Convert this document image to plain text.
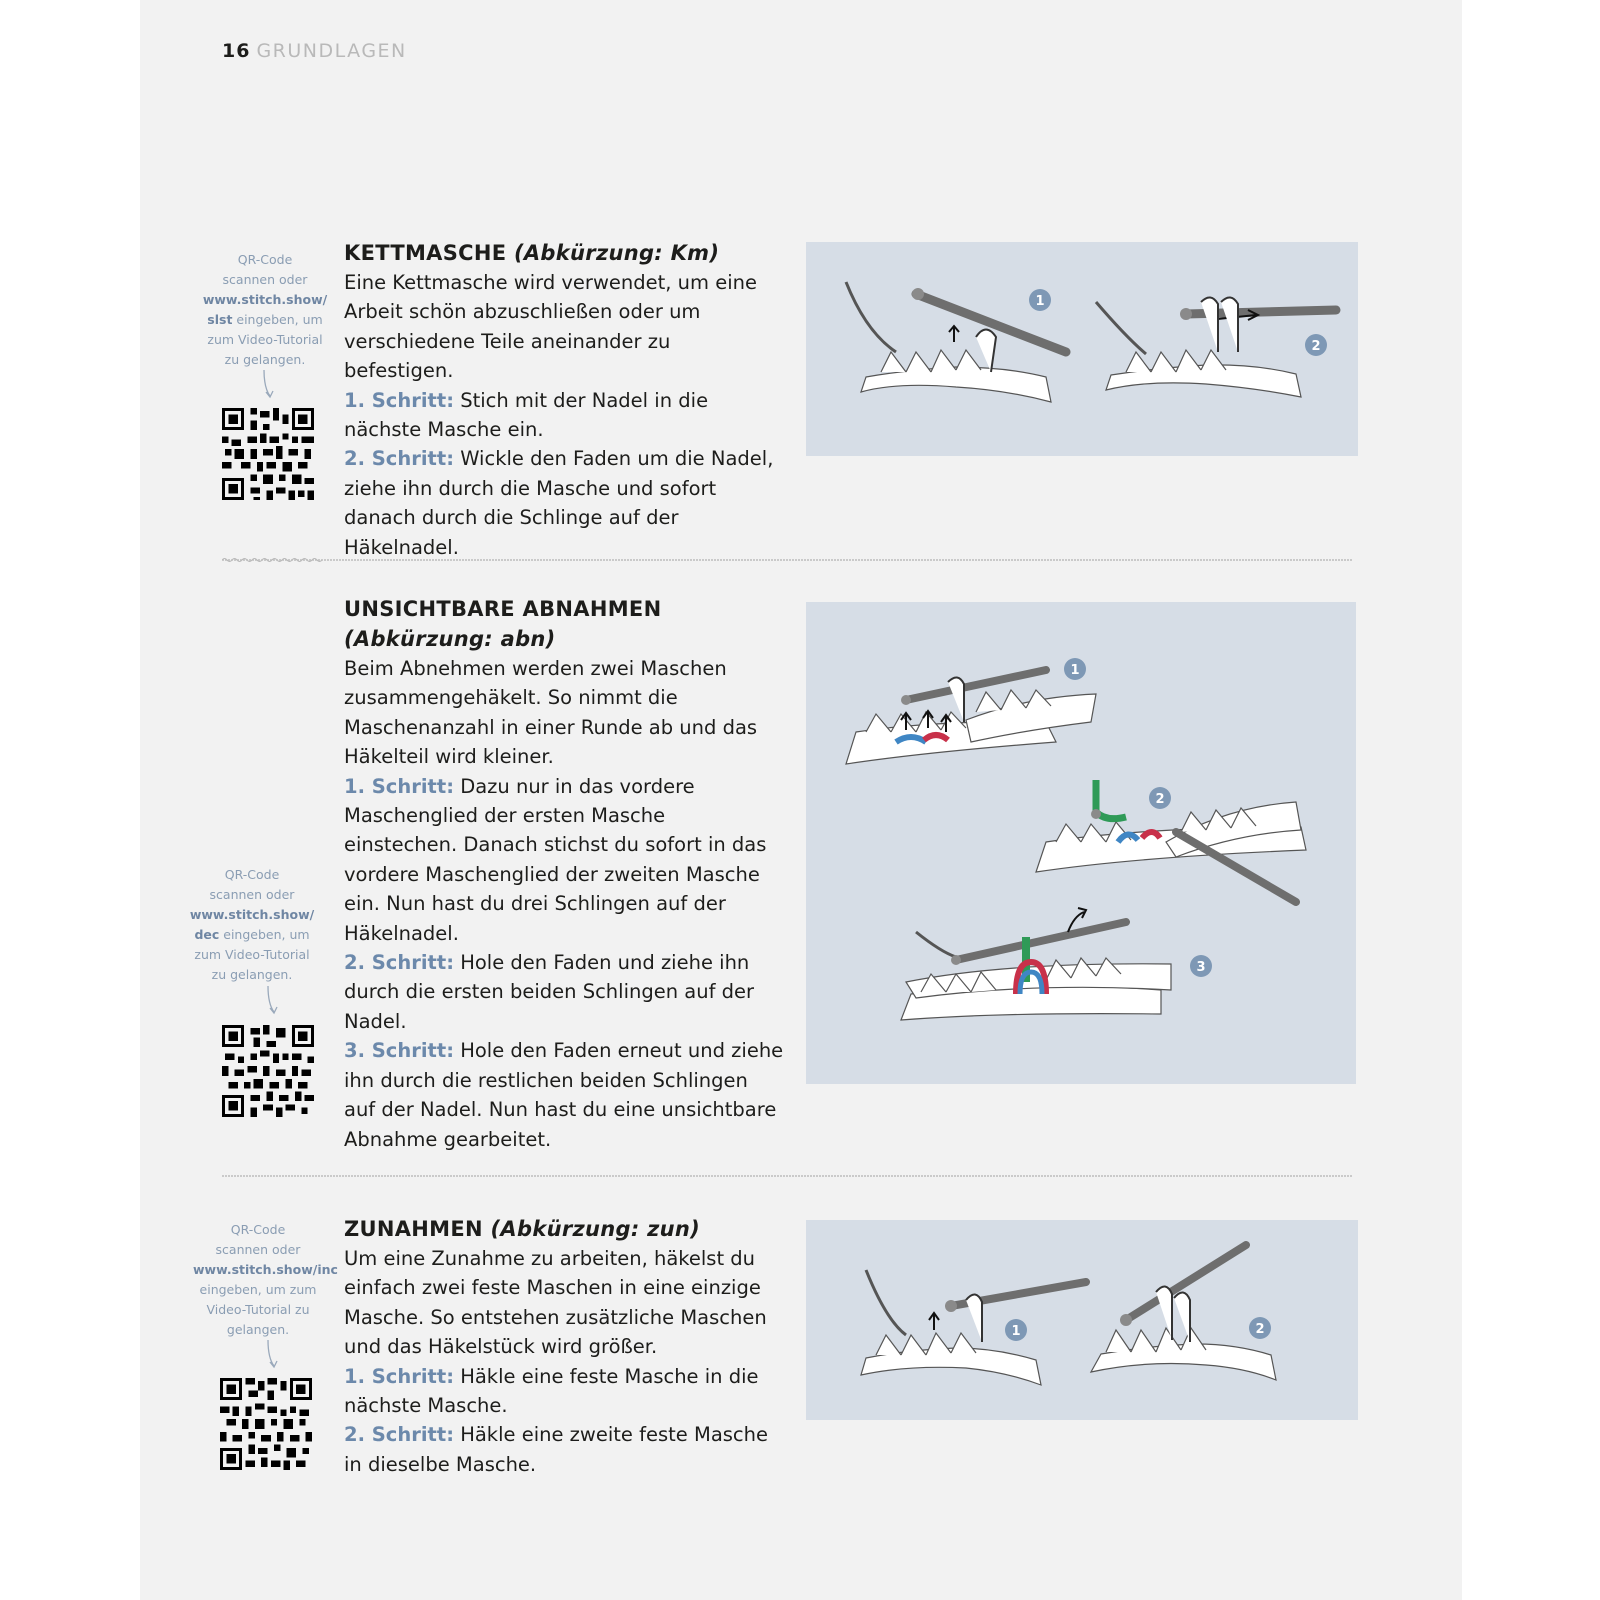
16 GRUNDLAGEN
QR-Code
scannen oder
www.stitch.show/
slst eingeben, um zum Video-Tutorial zu gelangen.
KETTMASCHE (Abkürzung: Km)

Eine Kettmasche wird verwendet, um eine Arbeit schön abzuschließen oder um verschiedene Teile aneinander zu befestigen.

1. Schritt: Stich mit der Nadel in die nächste Masche ein.

2. Schritt: Wickle den Faden um die Nadel, ziehe ihn durch die Masche und sofort danach durch die Schlinge auf der Häkelnadel.

1
2
QR-Code
scannen oder
www.stitch.show/
dec eingeben, um zum Video-Tutorial zu gelangen.
UNSICHTBARE ABNAHMEN
(Abkürzung: abn)

Beim Abnehmen werden zwei Maschen zusammengehäkelt. So nimmt die Maschenanzahl in einer Runde ab und das Häkelteil wird kleiner.

1. Schritt: Dazu nur in das vordere Maschenglied der ersten Masche einstechen. Danach stichst du sofort in das vordere Maschenglied der zweiten Masche ein. Nun hast du drei Schlingen auf der Häkelnadel.

2. Schritt: Hole den Faden und ziehe ihn durch die ersten beiden Schlingen auf der Nadel.

3. Schritt: Hole den Faden erneut und ziehe ihn durch die restlichen beiden Schlingen auf der Nadel. Nun hast du eine unsichtbare Abnahme gearbeitet.

1
2
3
QR-Code
scannen oder
www.stitch.show/inc
eingeben, um zum Video-Tutorial zu gelangen.
ZUNAHMEN (Abkürzung: zun)

Um eine Zunahme zu arbeiten, häkelst du einfach zwei feste Maschen in eine einzige Masche. So entstehen zusätzliche Maschen und das Häkelstück wird größer.

1. Schritt: Häkle eine feste Masche in die nächste Masche.

2. Schritt: Häkle eine zweite feste Masche in dieselbe Masche.

1	2
